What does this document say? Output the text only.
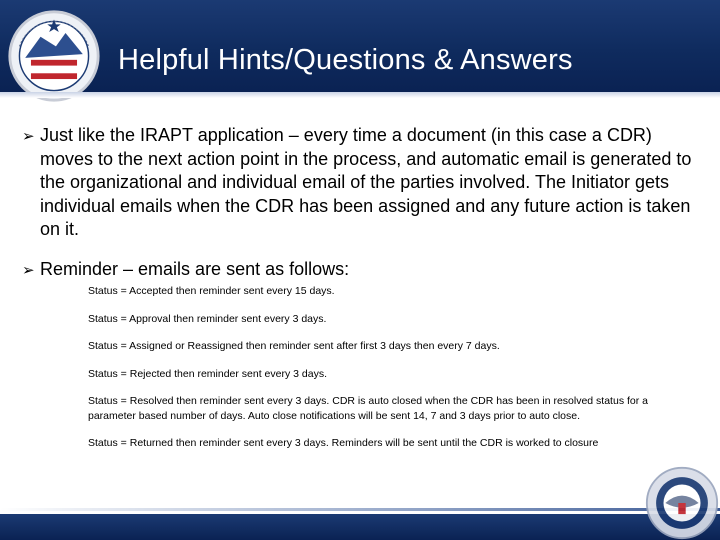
Helpful Hints/Questions & Answers
➢ Just like the IRAPT application – every time a document (in this case a CDR) moves to the next action point in the process, and automatic email is generated to the organizational and individual email of the parties involved. The Initiator gets individual emails when the CDR has been assigned and any future action is taken on it.
➢ Reminder – emails are sent as follows:
Status = Accepted then reminder sent every 15 days.
Status = Approval then reminder sent every 3 days.
Status = Assigned or Reassigned then reminder sent after first 3 days then every 7 days.
Status = Rejected then reminder sent every 3 days.
Status = Resolved then reminder sent every 3 days. CDR is auto closed when the CDR has been in resolved status for a parameter based number of days. Auto close notifications will be sent 14, 7 and 3 days prior to auto close.
Status = Returned then reminder sent every 3 days. Reminders will be sent until the CDR is worked to closure
